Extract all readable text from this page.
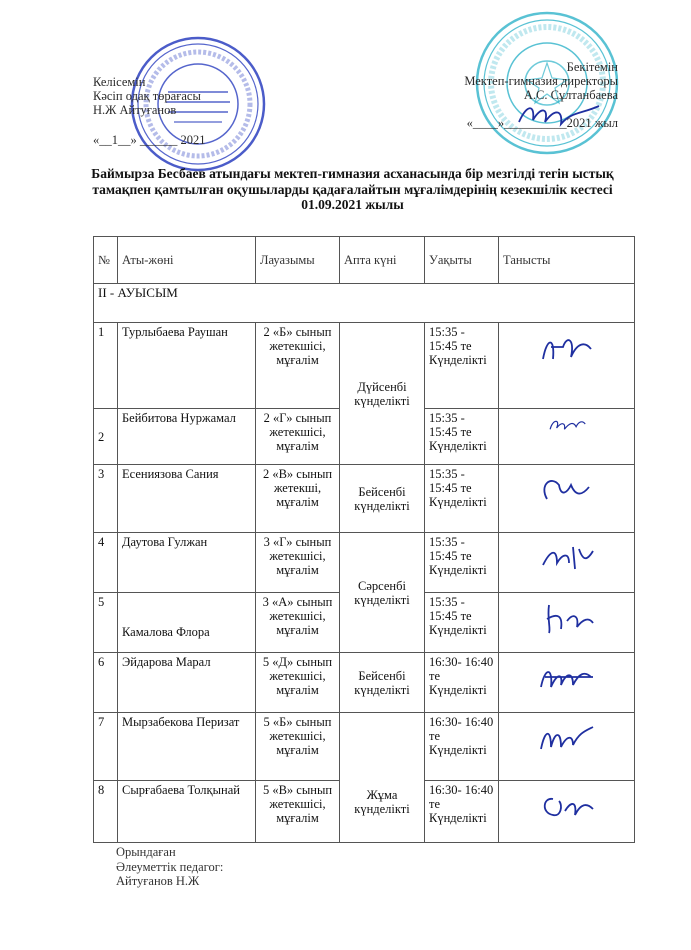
Келісемін
Кәсіп одақ төрағасы
Н.Ж Айтуғанов
«__1__» ______ 2021
Бекітемін
Мектеп-гимназия директоры
А.С. Сұлтанбаева
«____»__________2021 жыл
Баймырза Бесбаев атындағы мектеп-гимназия асханасында бір мезгілді тегін ыстық
тамақпен қамтылған оқушыларды қадағалайтын мұғалімдерінің кезекшілік кестесі
01.09.2021 жылы
№	Аты-жөні	Лауазымы	Апта күні	Уақыты	Танысты
II - АУЫСЫМ					
1	Турлыбаева Раушан	2 «Б» сынып жетекшісі, мұғалім	Дүйсенбі күнделікті	15:35 - 15:45 те Күнделікті	

2	Бейбитова Нуржамал	2 «Г» сынып жетекшісі, мұғалім		15:35 - 15:45 те Күнделікті	

3	Есениязова Сания	2 «В» сынып жетекші, мұғалім	Бейсенбі күнделікті	15:35 - 15:45 те Күнделікті	

4	Даутова Гулжан	3 «Г» сынып жетекшісі, мұғалім	Сәрсенбі күнделікті	15:35 - 15:45 те Күнделікті	

5	Камалова Флора	3 «А» сынып жетекшісі, мұғалім		15:35 - 15:45 те Күнделікті	

6	Эйдарова Марал	5 «Д» сынып жетекшісі, мұғалім	Бейсенбі күнделікті	16:30- 16:40 те Күнделікті	

7	Мырзабекова Перизат	5 «Б» сынып жетекшісі, мұғалім	Жұма күнделікті	16:30- 16:40 те Күнделікті	

8	Сырғабаева Толқынай	5 «В» сынып жетекшісі, мұғалім		16:30- 16:40 те Күнделікті	
Орындаған
Әлеуметтік педагог:
Айтуғанов Н.Ж
